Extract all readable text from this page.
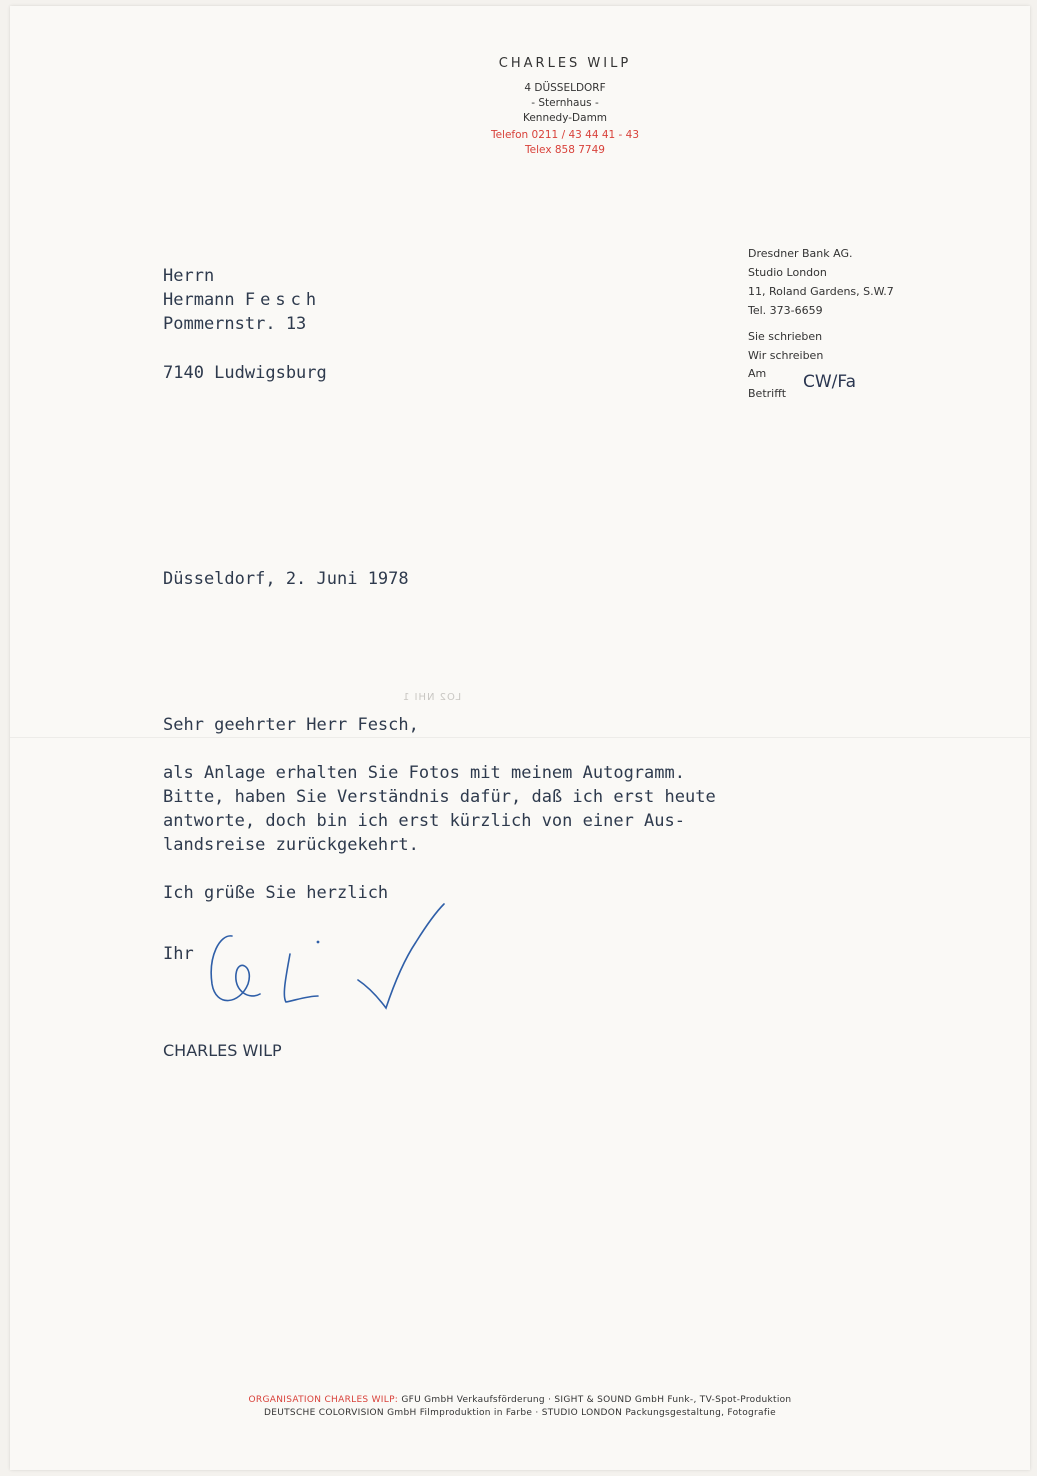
CHARLES WILP
4 DÜSSELDORF
- Sternhaus -
Kennedy-Damm
Telefon 0211 / 43 44 41 - 43
Telex 858 7749
Dresdner Bank AG.
Studio London
11, Roland Gardens, S.W.7
Tel. 373-6659
Sie schrieben
Wir schreiben
Am
Betrifft
CW/Fa
Herrn
Hermann Fesch
Pommernstr. 13
7140 Ludwigsburg
Düsseldorf, 2. Juni 1978
LO2 NHI 1
Sehr geehrter Herr Fesch,
als Anlage erhalten Sie Fotos mit meinem Autogramm.
Bitte, haben Sie Verständnis dafür, daß ich erst heute
antworte, doch bin ich erst kürzlich von einer Aus-
landsreise zurückgekehrt.
Ich grüße Sie herzlich
Ihr
CHARLES WILP
ORGANISATION CHARLES WILP: GFU GmbH Verkaufsförderung · SIGHT & SOUND GmbH Funk-, TV-Spot-Produktion
DEUTSCHE COLORVISION GmbH Filmproduktion in Farbe · STUDIO LONDON Packungsgestaltung, Fotografie
